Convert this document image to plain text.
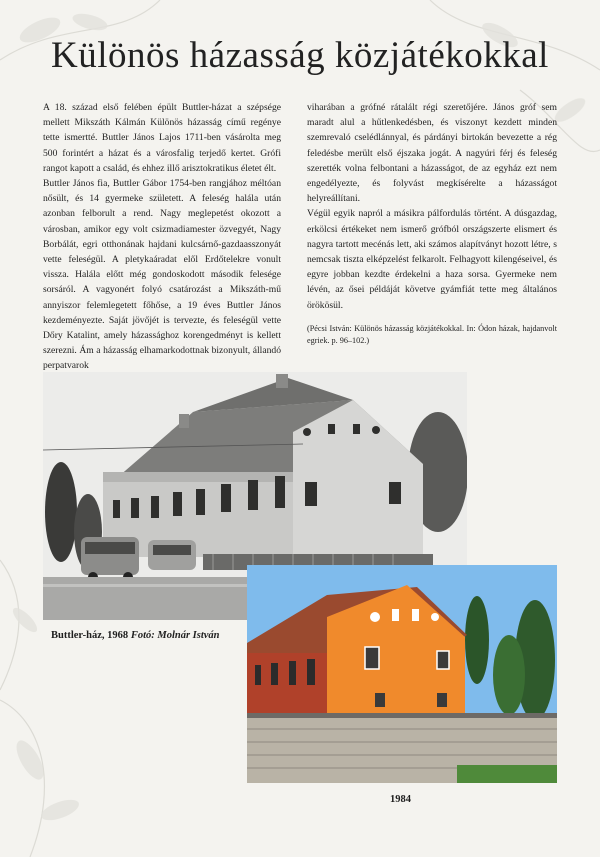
Különös házasság közjátékokkal

A 18. század első felében épült Buttler-házat a szépsége mellett Mikszáth Kálmán Különös házasság című regénye tette ismertté. Buttler János Lajos 1711-ben vásárolta meg 500 forintért a házat és a városfalig terjedő kertet. Grófi rangot kapott a család, és ehhez illő arisztokratikus életet élt.

Buttler János fia, Buttler Gábor 1754-ben rangjához méltóan nősült, és 14 gyermeke született. A feleség halála után azonban felborult a rend. Nagy meglepetést okozott a városban, amikor egy volt csizmadiamester özvegyét, Nagy Borbálát, egri otthonának hajdani kulcsárnő-gazdaasszonyát vette feleségül. A pletykaáradat elől Erdőtelekre vonult vissza. Halála előtt még gondoskodott második felesége sorsáról. A vagyonért folyó csatározást a Mikszáth-mű annyiszor felemlegetett főhőse, a 19 éves Buttler János kezdeményezte. Saját jövőjét is tervezte, és feleségül vette Dőry Katalint, amely házassághoz korengedményt is kellett szerezni. Ám a házasság elhamarkodottnak bizonyult, állandó perpatvarok

viharában a grófné rátalált régi szeretőjére. János gróf sem maradt alul a hűtlenkedésben, és viszonyt kezdett minden szemrevaló cselédlánnyal, és párdányi birtokán bevezette a rég feledésbe merült első éjszaka jogát. A nagyúri férj és feleség szerették volna felbontani a házasságot, de az egyház ezt nem engedélyezte, és folyvást megkísérelte a házasságot helyreállítani.

Végül egyik napról a másikra pálfordulás történt. A dúsgazdag, erkölcsi értékeket nem ismerő grófból országszerte elismert és nagyra tartott mecénás lett, aki számos alapítványt hozott létre, s nemcsak tiszta elképzelést felkarolt. Felhagyott kilengéseivel, és egyre jobban kezdte érdekelni a haza sorsa. Gyermeke nem lévén, az ősei példáját követve gyámfiát tette meg általános örökösül.

(Pécsi István: Különös házasság közjátékokkal. In: Ódon házak, hajdanvolt egriek. p. 96–102.)

Buttler-ház, 1968 Fotó: Molnár István
1984
